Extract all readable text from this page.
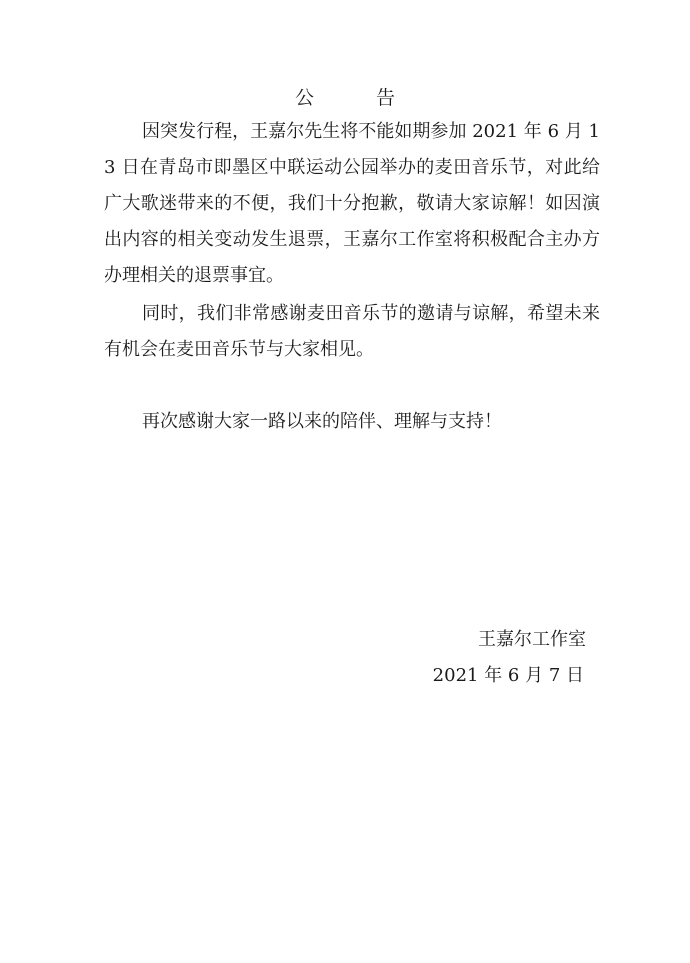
公 告

因突发行程，王嘉尔先生将不能如期参加 2021 年 6 月 13 日在青岛市即墨区中联运动公园举办的麦田音乐节，对此给广大歌迷带来的不便，我们十分抱歉，敬请大家谅解！如因演出内容的相关变动发生退票，王嘉尔工作室将积极配合主办方办理相关的退票事宜。

同时，我们非常感谢麦田音乐节的邀请与谅解，希望未来有机会在麦田音乐节与大家相见。

再次感谢大家一路以来的陪伴、理解与支持！

王嘉尔工作室
2021 年 6 月 7 日
